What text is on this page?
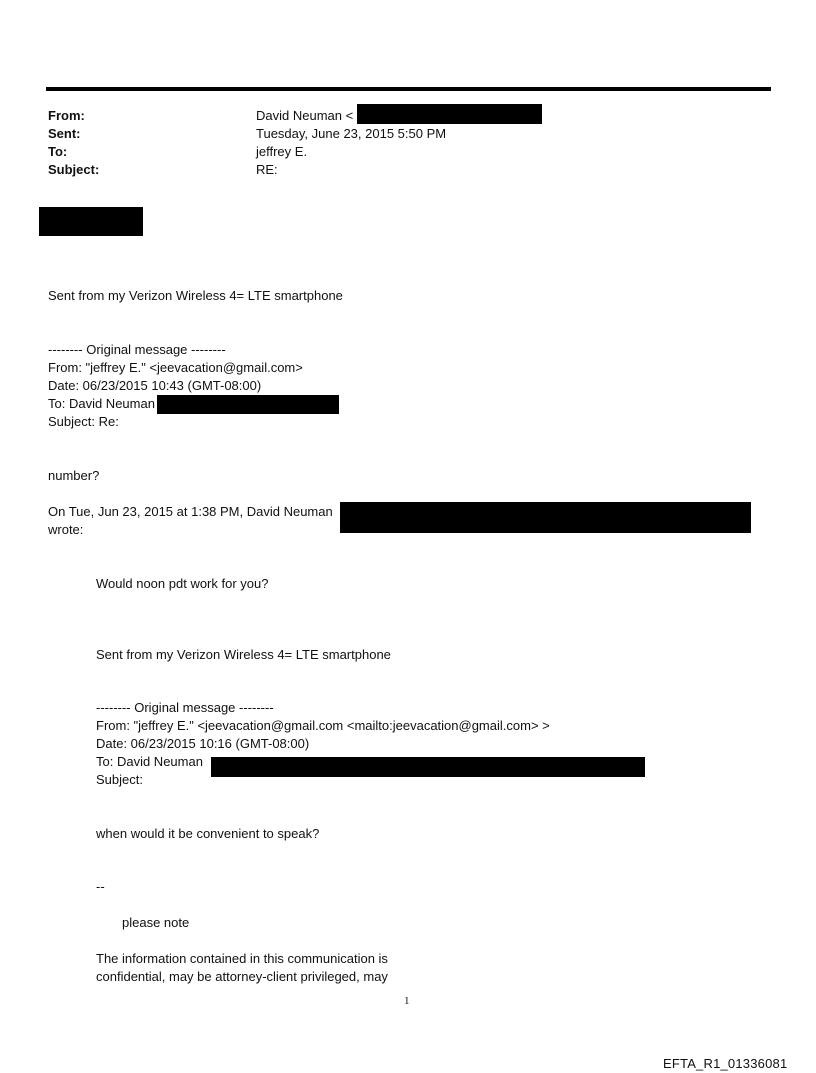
From:	David Neuman <
Sent:	Tuesday, June 23, 2015 5:50 PM
To:	jeffrey E.
Subject:	RE:
Sent from my Verizon Wireless 4= LTE smartphone
-------- Original message --------
From: "jeffrey E." <jeevacation@gmail.com>
Date: 06/23/2015 10:43 (GMT-08:00)
To: David Neuman
Subject: Re:
number?
On Tue, Jun 23, 2015 at 1:38 PM, David Neuman
wrote:
Would noon pdt work for you?
Sent from my Verizon Wireless 4= LTE smartphone
-------- Original message --------
From: "jeffrey E." <jeevacation@gmail.com <mailto:jeevacation@gmail.com> >
Date: 06/23/2015 10:16 (GMT-08:00)
To: David Neuman
Subject:
when would it be convenient to speak?
--
please note
The information contained in this communication is
confidential, may be attorney-client privileged, may
1
EFTA_R1_01336081
